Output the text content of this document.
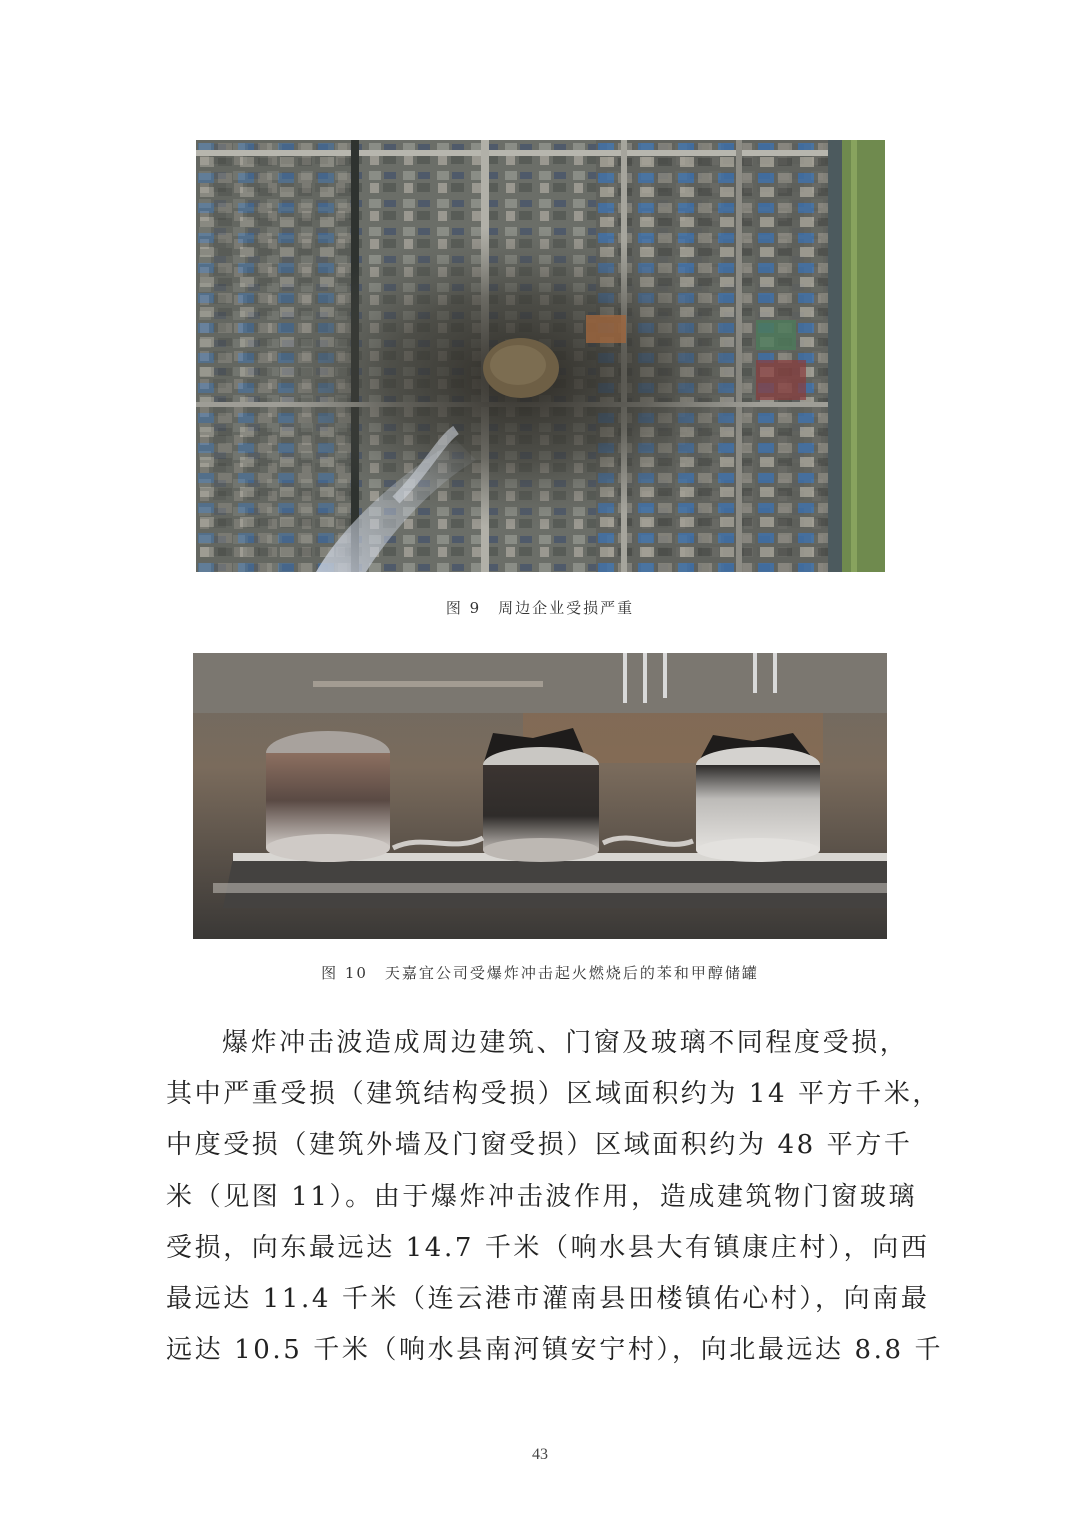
图 9　周边企业受损严重
图 10　天嘉宜公司受爆炸冲击起火燃烧后的苯和甲醇储罐

爆炸冲击波造成周边建筑、门窗及玻璃不同程度受损，
其中严重受损（建筑结构受损）区域面积约为 14 平方千米，
中度受损（建筑外墙及门窗受损）区域面积约为 48 平方千
米（见图 11）。由于爆炸冲击波作用，造成建筑物门窗玻璃
受损，向东最远达 14.7 千米（响水县大有镇康庄村），向西
最远达 11.4 千米（连云港市灌南县田楼镇佑心村），向南最
远达 10.5 千米（响水县南河镇安宁村），向北最远达 8.8 千

43
